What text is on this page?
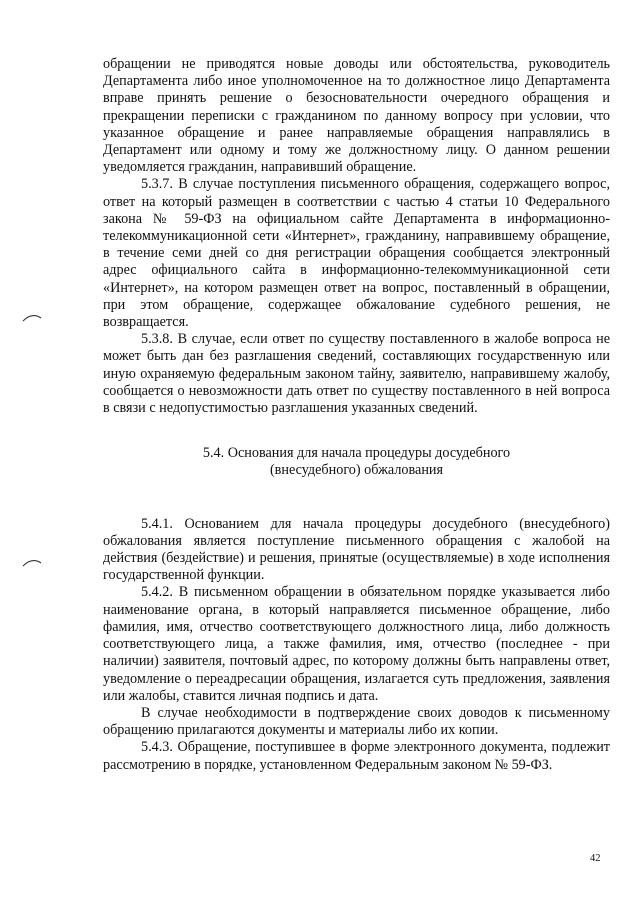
обращении не приводятся новые доводы или обстоятельства, руководитель Департамента либо иное уполномоченное на то должностное лицо Департамента вправе принять решение о безосновательности очередного обращения и прекращении переписки с гражданином по данному вопросу при условии, что указанное обращение и ранее направляемые обращения направлялись в Департамент или одному и тому же должностному лицу. О данном решении уведомляется гражданин, направивший обращение.

5.3.7. В случае поступления письменного обращения, содержащего вопрос, ответ на который размещен в соответствии с частью 4 статьи 10 Федерального закона № 59-ФЗ на официальном сайте Департамента в информационно-телекоммуникационной сети «Интернет», гражданину, направившему обращение, в течение семи дней со дня регистрации обращения сообщается электронный адрес официального сайта в информационно-телекоммуникационной сети «Интернет», на котором размещен ответ на вопрос, поставленный в обращении, при этом обращение, содержащее обжалование судебного решения, не возвращается.

5.3.8. В случае, если ответ по существу поставленного в жалобе вопроса не может быть дан без разглашения сведений, составляющих государственную или иную охраняемую федеральным законом тайну, заявителю, направившему жалобу, сообщается о невозможности дать ответ по существу поставленного в ней вопроса в связи с недопустимостью разглашения указанных сведений.

5.4. Основания для начала процедуры досудебного
(внесудебного) обжалования

5.4.1. Основанием для начала процедуры досудебного (внесудебного) обжалования является поступление письменного обращения с жалобой на действия (бездействие) и решения, принятые (осуществляемые) в ходе исполнения государственной функции.

5.4.2. В письменном обращении в обязательном порядке указывается либо наименование органа, в который направляется письменное обращение, либо фамилия, имя, отчество соответствующего должностного лица, либо должность соответствующего лица, а также фамилия, имя, отчество (последнее - при наличии) заявителя, почтовый адрес, по которому должны быть направлены ответ, уведомление о переадресации обращения, излагается суть предложения, заявления или жалобы, ставится личная подпись и дата.

В случае необходимости в подтверждение своих доводов к письменному обращению прилагаются документы и материалы либо их копии.

5.4.3. Обращение, поступившее в форме электронного документа, подлежит рассмотрению в порядке, установленном Федеральным законом № 59-ФЗ.

42
